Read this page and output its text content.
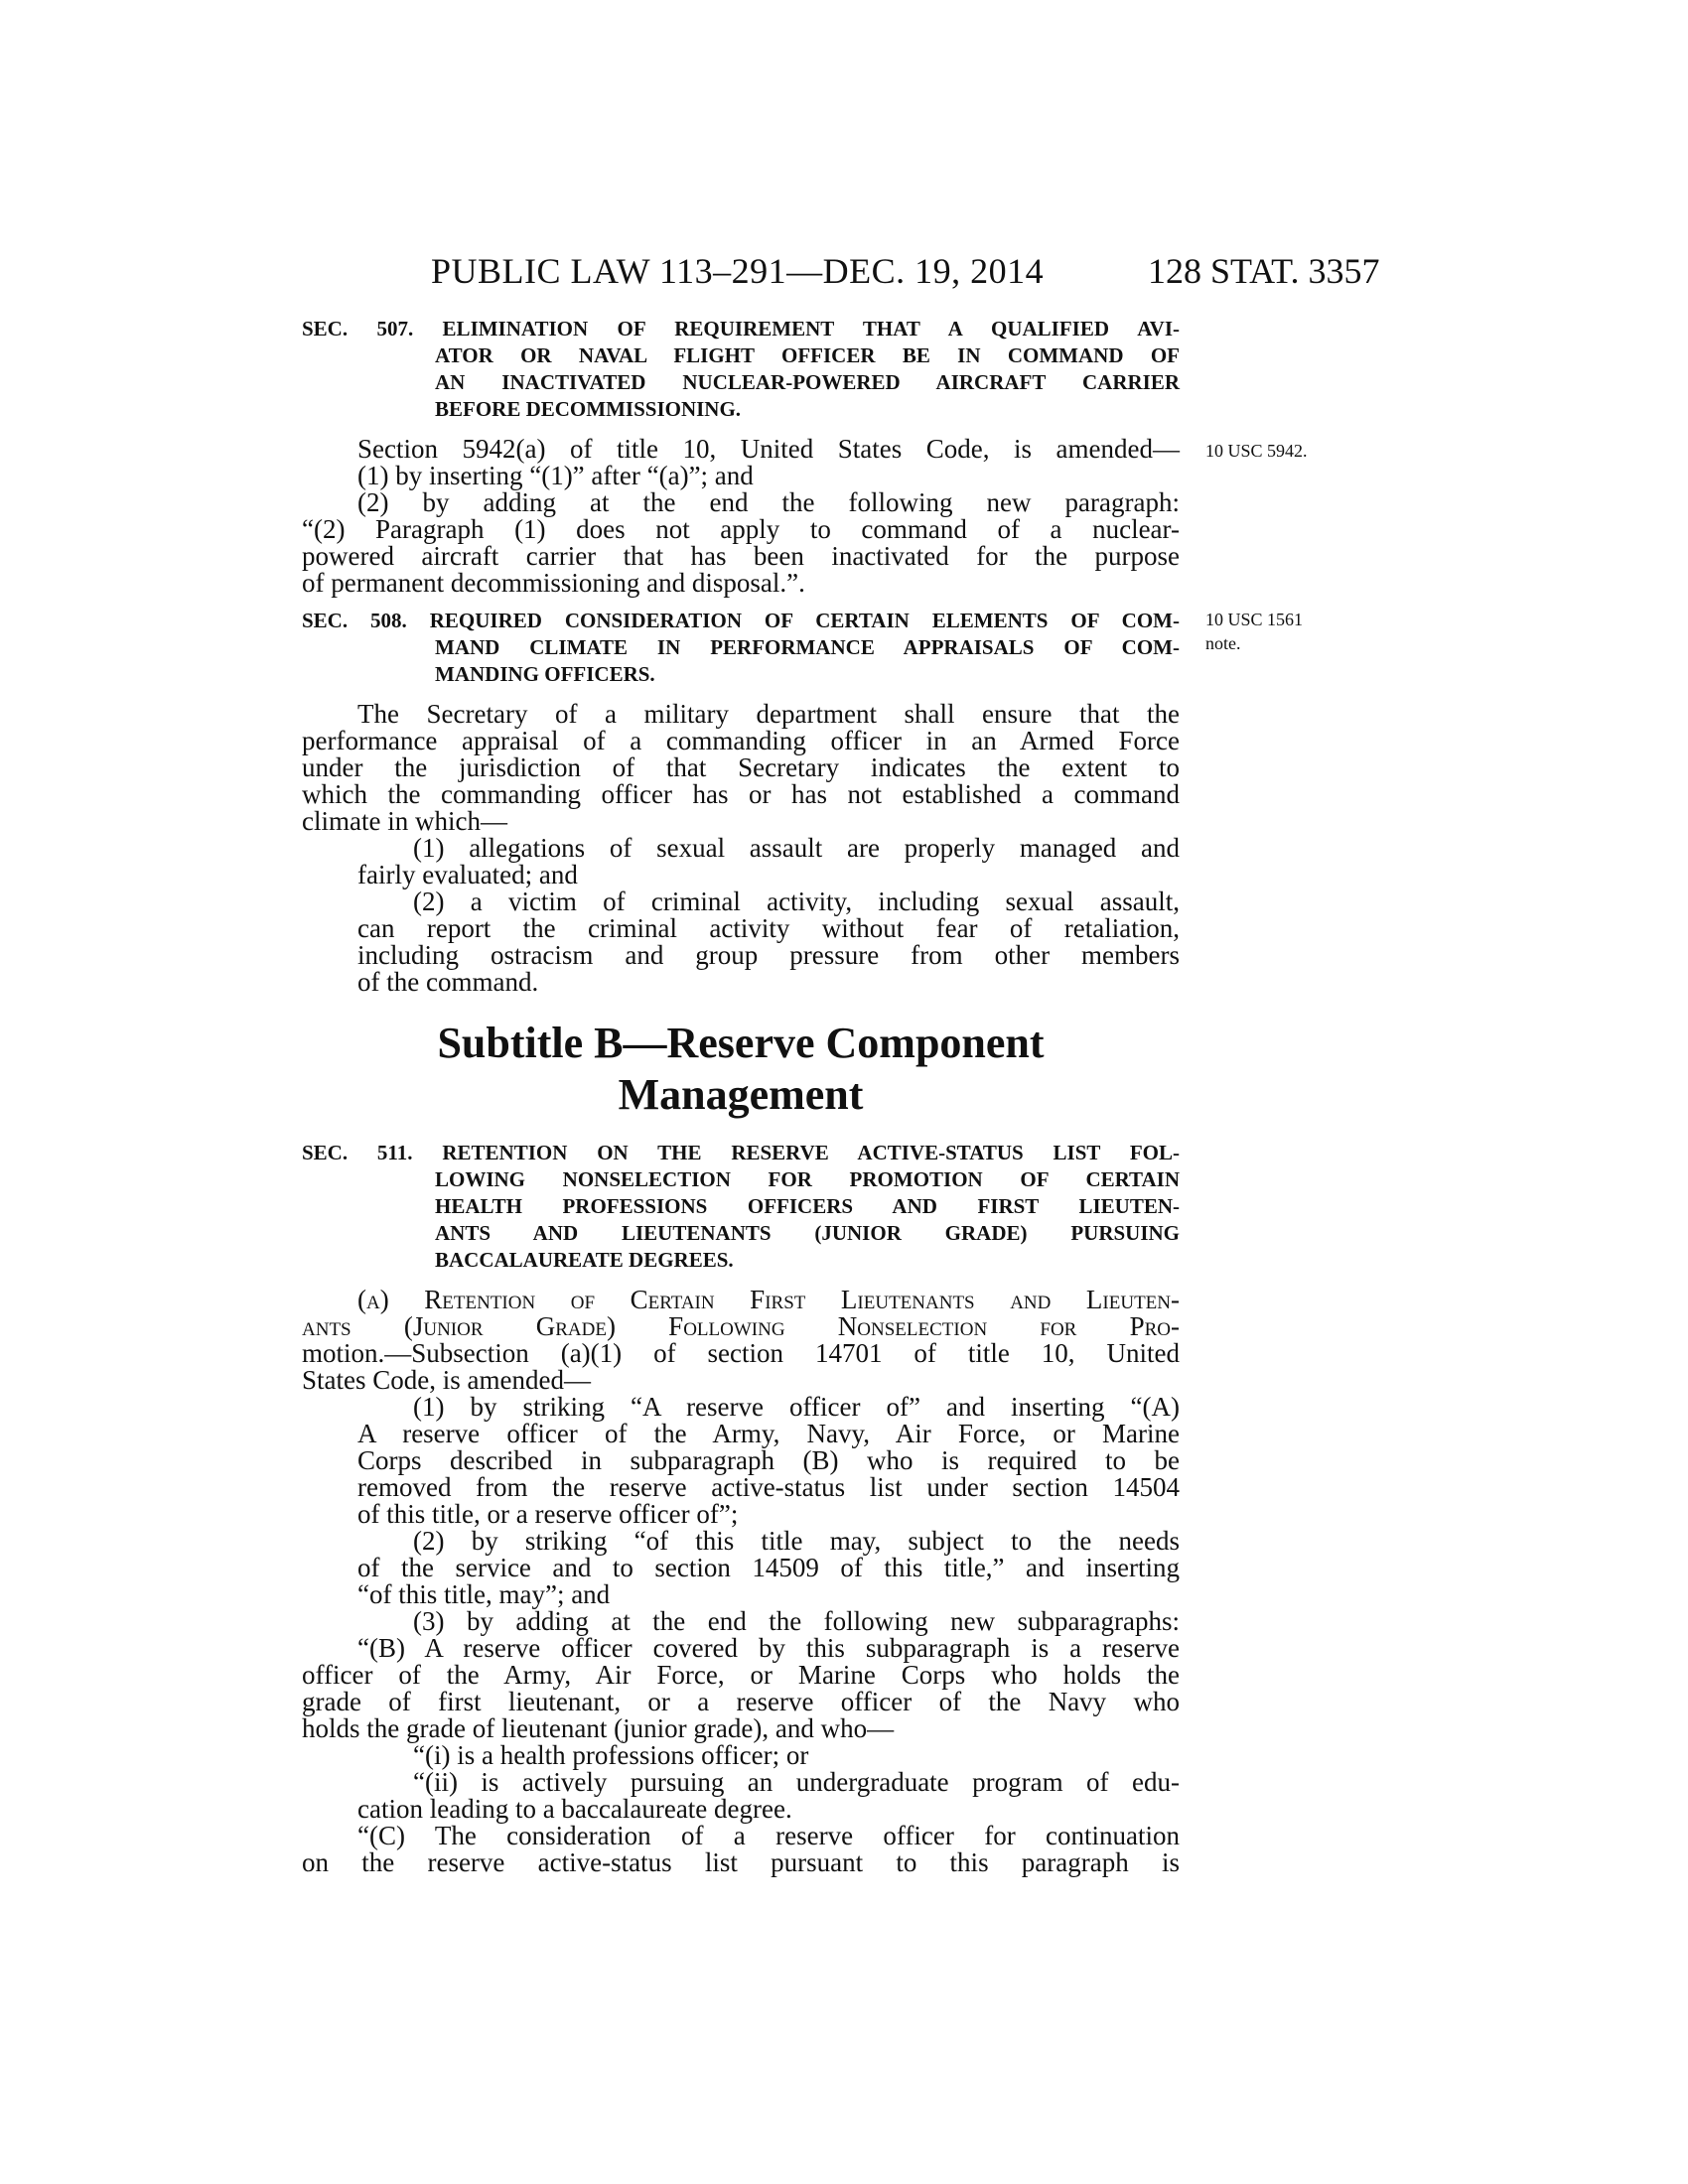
PUBLIC LAW 113–291—DEC. 19, 2014	128 STAT. 3357
SEC. 507. ELIMINATION OF REQUIREMENT THAT A QUALIFIED AVI-
ATOR OR NAVAL FLIGHT OFFICER BE IN COMMAND OF
AN INACTIVATED NUCLEAR-POWERED AIRCRAFT CARRIER
BEFORE DECOMMISSIONING.
Section 5942(a) of title 10, United States Code, is amended— 10 USC 5942.
(1) by inserting “(1)” after “(a)”; and
(2) by adding at the end the following new paragraph:
“(2) Paragraph (1) does not apply to command of a nuclear-
powered aircraft carrier that has been inactivated for the purpose
of permanent decommissioning and disposal.”.
SEC. 508. REQUIRED CONSIDERATION OF CERTAIN ELEMENTS OF COM-
MAND CLIMATE IN PERFORMANCE APPRAISALS OF COM-
MANDING OFFICERS.
10 USC 1561
note.
The Secretary of a military department shall ensure that the
performance appraisal of a commanding officer in an Armed Force
under the jurisdiction of that Secretary indicates the extent to
which the commanding officer has or has not established a command
climate in which—
(1) allegations of sexual assault are properly managed and
fairly evaluated; and
(2) a victim of criminal activity, including sexual assault,
can report the criminal activity without fear of retaliation,
including ostracism and group pressure from other members
of the command.
Subtitle B—Reserve Component
Management
SEC. 511. RETENTION ON THE RESERVE ACTIVE-STATUS LIST FOL-
LOWING NONSELECTION FOR PROMOTION OF CERTAIN
HEALTH PROFESSIONS OFFICERS AND FIRST LIEUTEN-
ANTS AND LIEUTENANTS (JUNIOR GRADE) PURSUING
BACCALAUREATE DEGREES.
(a) Retention of Certain First Lieutenants and Lieuten-
ants (Junior Grade) Following Nonselection for Pro-
motion.—Subsection (a)(1) of section 14701 of title 10, United
States Code, is amended—
(1) by striking “A reserve officer of” and inserting “(A)
A reserve officer of the Army, Navy, Air Force, or Marine
Corps described in subparagraph (B) who is required to be
removed from the reserve active-status list under section 14504
of this title, or a reserve officer of”;
(2) by striking “of this title may, subject to the needs
of the service and to section 14509 of this title,” and inserting
“of this title, may”; and
(3) by adding at the end the following new subparagraphs:
“(B) A reserve officer covered by this subparagraph is a reserve
officer of the Army, Air Force, or Marine Corps who holds the
grade of first lieutenant, or a reserve officer of the Navy who
holds the grade of lieutenant (junior grade), and who—
“(i) is a health professions officer; or
“(ii) is actively pursuing an undergraduate program of edu-
cation leading to a baccalaureate degree.
“(C) The consideration of a reserve officer for continuation
on the reserve active-status list pursuant to this paragraph is
